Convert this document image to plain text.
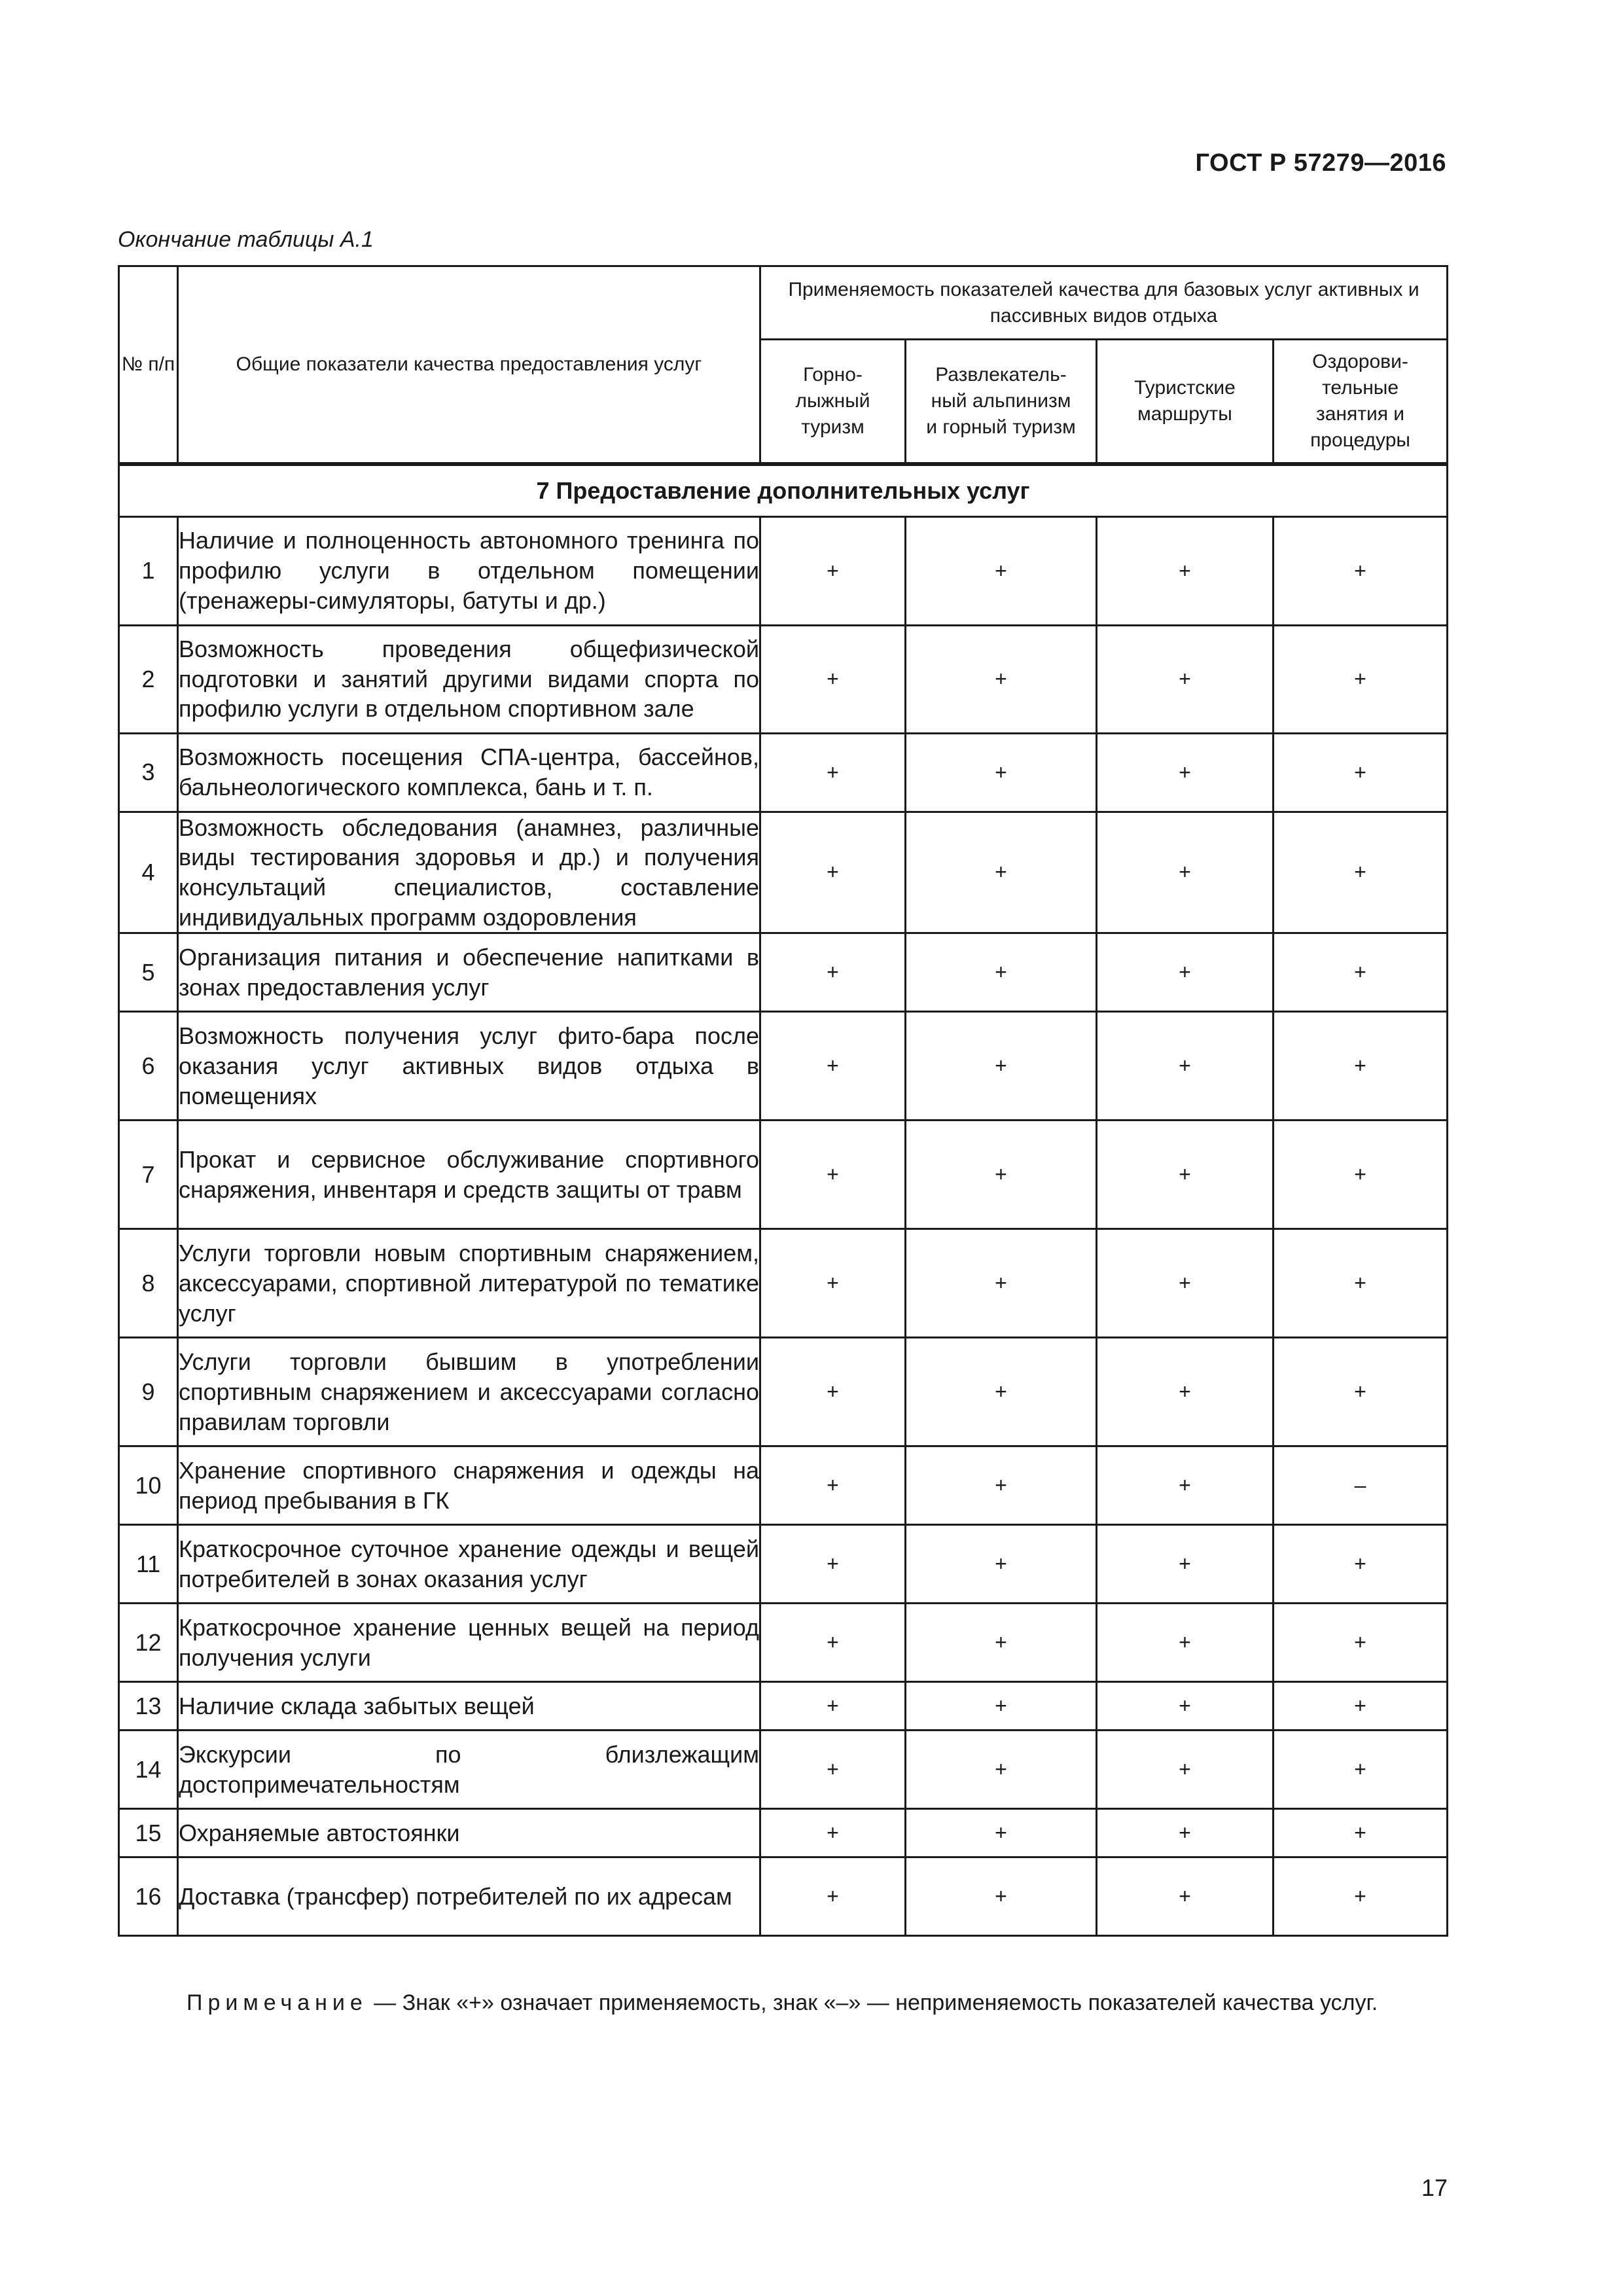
ГОСТ Р 57279—2016
Окончание таблицы А.1
№ п/п	Общие показатели качества предоставления услуг	Применяемость показателей качества для базовых услуг активных и пассивных видов отдыха			
		Горно-лыжный туризм	Развлекатель-ный альпинизм и горный туризм	Туристские маршруты	Оздорови-тельные занятия и процедуры
7 Предоставление дополнительных услуг					
1	Наличие и полноценность автономного тренинга по профилю услуги в отдельном помещении (тренажеры-симуляторы, батуты и др.)	+	+	+	+
2	Возможность проведения общефизической подготовки и занятий другими видами спорта по профилю услуги в отдельном спортивном зале	+	+	+	+
3	Возможность посещения СПА-центра, бассейнов, бальнеологического комплекса, бань и т. п.	+	+	+	+
4	Возможность обследования (анамнез, различные виды тестирования здоровья и др.) и получения консультаций специалистов, составление индивидуальных программ оздоровления	+	+	+	+
5	Организация питания и обеспечение напитками в зонах предоставления услуг	+	+	+	+
6	Возможность получения услуг фито-бара после оказания услуг активных видов отдыха в помещениях	+	+	+	+
7	Прокат и сервисное обслуживание спортивного снаряжения, инвентаря и средств защиты от травм	+	+	+	+
8	Услуги торговли новым спортивным снаряжением, аксессуарами, спортивной литературой по тематике услуг	+	+	+	+
9	Услуги торговли бывшим в употреблении спортивным снаряжением и аксессуарами согласно правилам торговли	+	+	+	+
10	Хранение спортивного снаряжения и одежды на период пребывания в ГК	+	+	+	–
11	Краткосрочное суточное хранение одежды и вещей потребителей в зонах оказания услуг	+	+	+	+
12	Краткосрочное хранение ценных вещей на период получения услуги	+	+	+	+
13	Наличие склада забытых вещей	+	+	+	+
14	Экскурсии по близлежащим достопримечательностям	+	+	+	+
15	Охраняемые автостоянки	+	+	+	+
16	Доставка (трансфер) потребителей по их адресам	+	+	+	+
Примечание — Знак «+» означает применяемость, знак «–» — неприменяемость показателей качества услуг.
17
